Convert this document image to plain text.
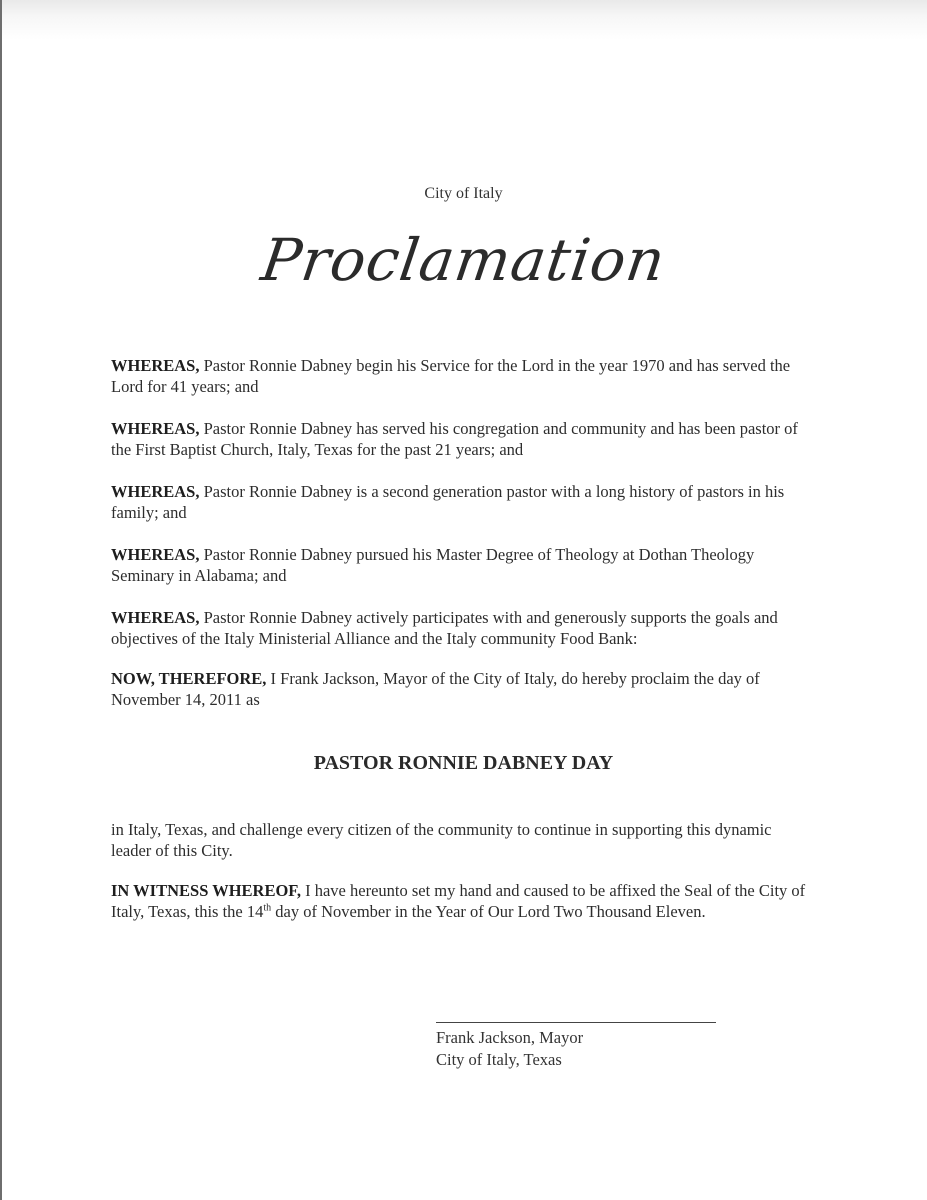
City of Italy
Proclamation
WHEREAS, Pastor Ronnie Dabney begin his Service for the Lord in the year 1970 and has served the Lord for 41 years; and
WHEREAS, Pastor Ronnie Dabney has served his congregation and community and has been pastor of the First Baptist Church, Italy, Texas for the past 21 years; and
WHEREAS, Pastor Ronnie Dabney is a second generation pastor with a long history of pastors in his family; and
WHEREAS, Pastor Ronnie Dabney pursued his Master Degree of Theology at Dothan Theology Seminary in Alabama; and
WHEREAS, Pastor Ronnie Dabney actively participates with and generously supports the goals and objectives of the Italy Ministerial Alliance and the Italy community Food Bank:
NOW, THEREFORE, I Frank Jackson, Mayor of the City of Italy, do hereby proclaim the day of November 14, 2011 as
PASTOR RONNIE DABNEY DAY
in Italy, Texas, and challenge every citizen of the community to continue in supporting this dynamic leader of this City.
IN WITNESS WHEREOF, I have hereunto set my hand and caused to be affixed the Seal of the City of Italy, Texas, this the 14th day of November in the Year of Our Lord Two Thousand Eleven.
Frank Jackson, Mayor
City of Italy, Texas
